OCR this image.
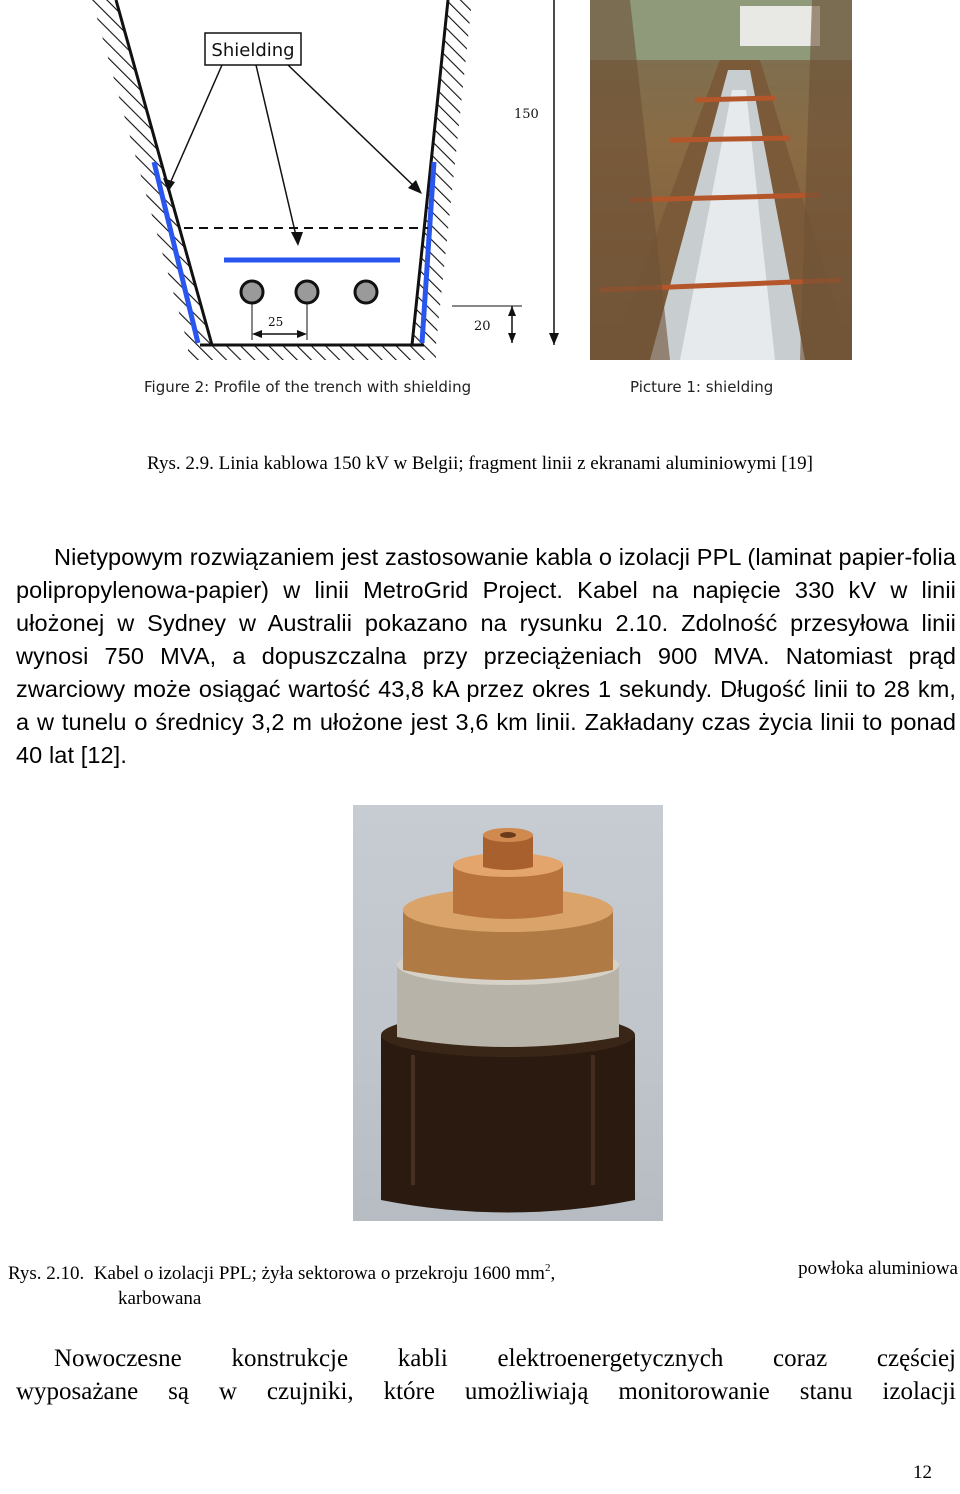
Shielding
150
20
25
Figure 2: Profile of the trench with shielding	Picture 1: shielding
Rys. 2.9. Linia kablowa 150 kV w Belgii; fragment linii z ekranami aluminiowymi [19]
Nietypowym rozwiązaniem jest zastosowanie kabla o izolacji PPL (laminat papier-folia polipropylenowa-papier) w linii MetroGrid Project. Kabel na napięcie 330 kV w linii ułożonej w Sydney w Australii pokazano na rysunku 2.10. Zdolność przesyłowa linii wynosi 750 MVA, a dopuszczalna przy przeciążeniach 900 MVA. Natomiast prąd zwarciowy może osiągać wartość 43,8 kA przez okres 1 sekundy. Długość linii to 28 km, a w tunelu o średnicy 3,2 m ułożone jest 3,6 km linii. Zakładany czas życia linii to ponad 40 lat [12].
Rys. 2.10. Kabel o izolacji PPL; żyła sektorowa o przekroju 1600 $mm^2$,	powłoka aluminiowa
karbowana
Nowoczesne konstrukcje kabli elektroenergetycznych coraz częściej
wyposażane są w czujniki, które umożliwiają monitorowanie stanu izolacji
12
